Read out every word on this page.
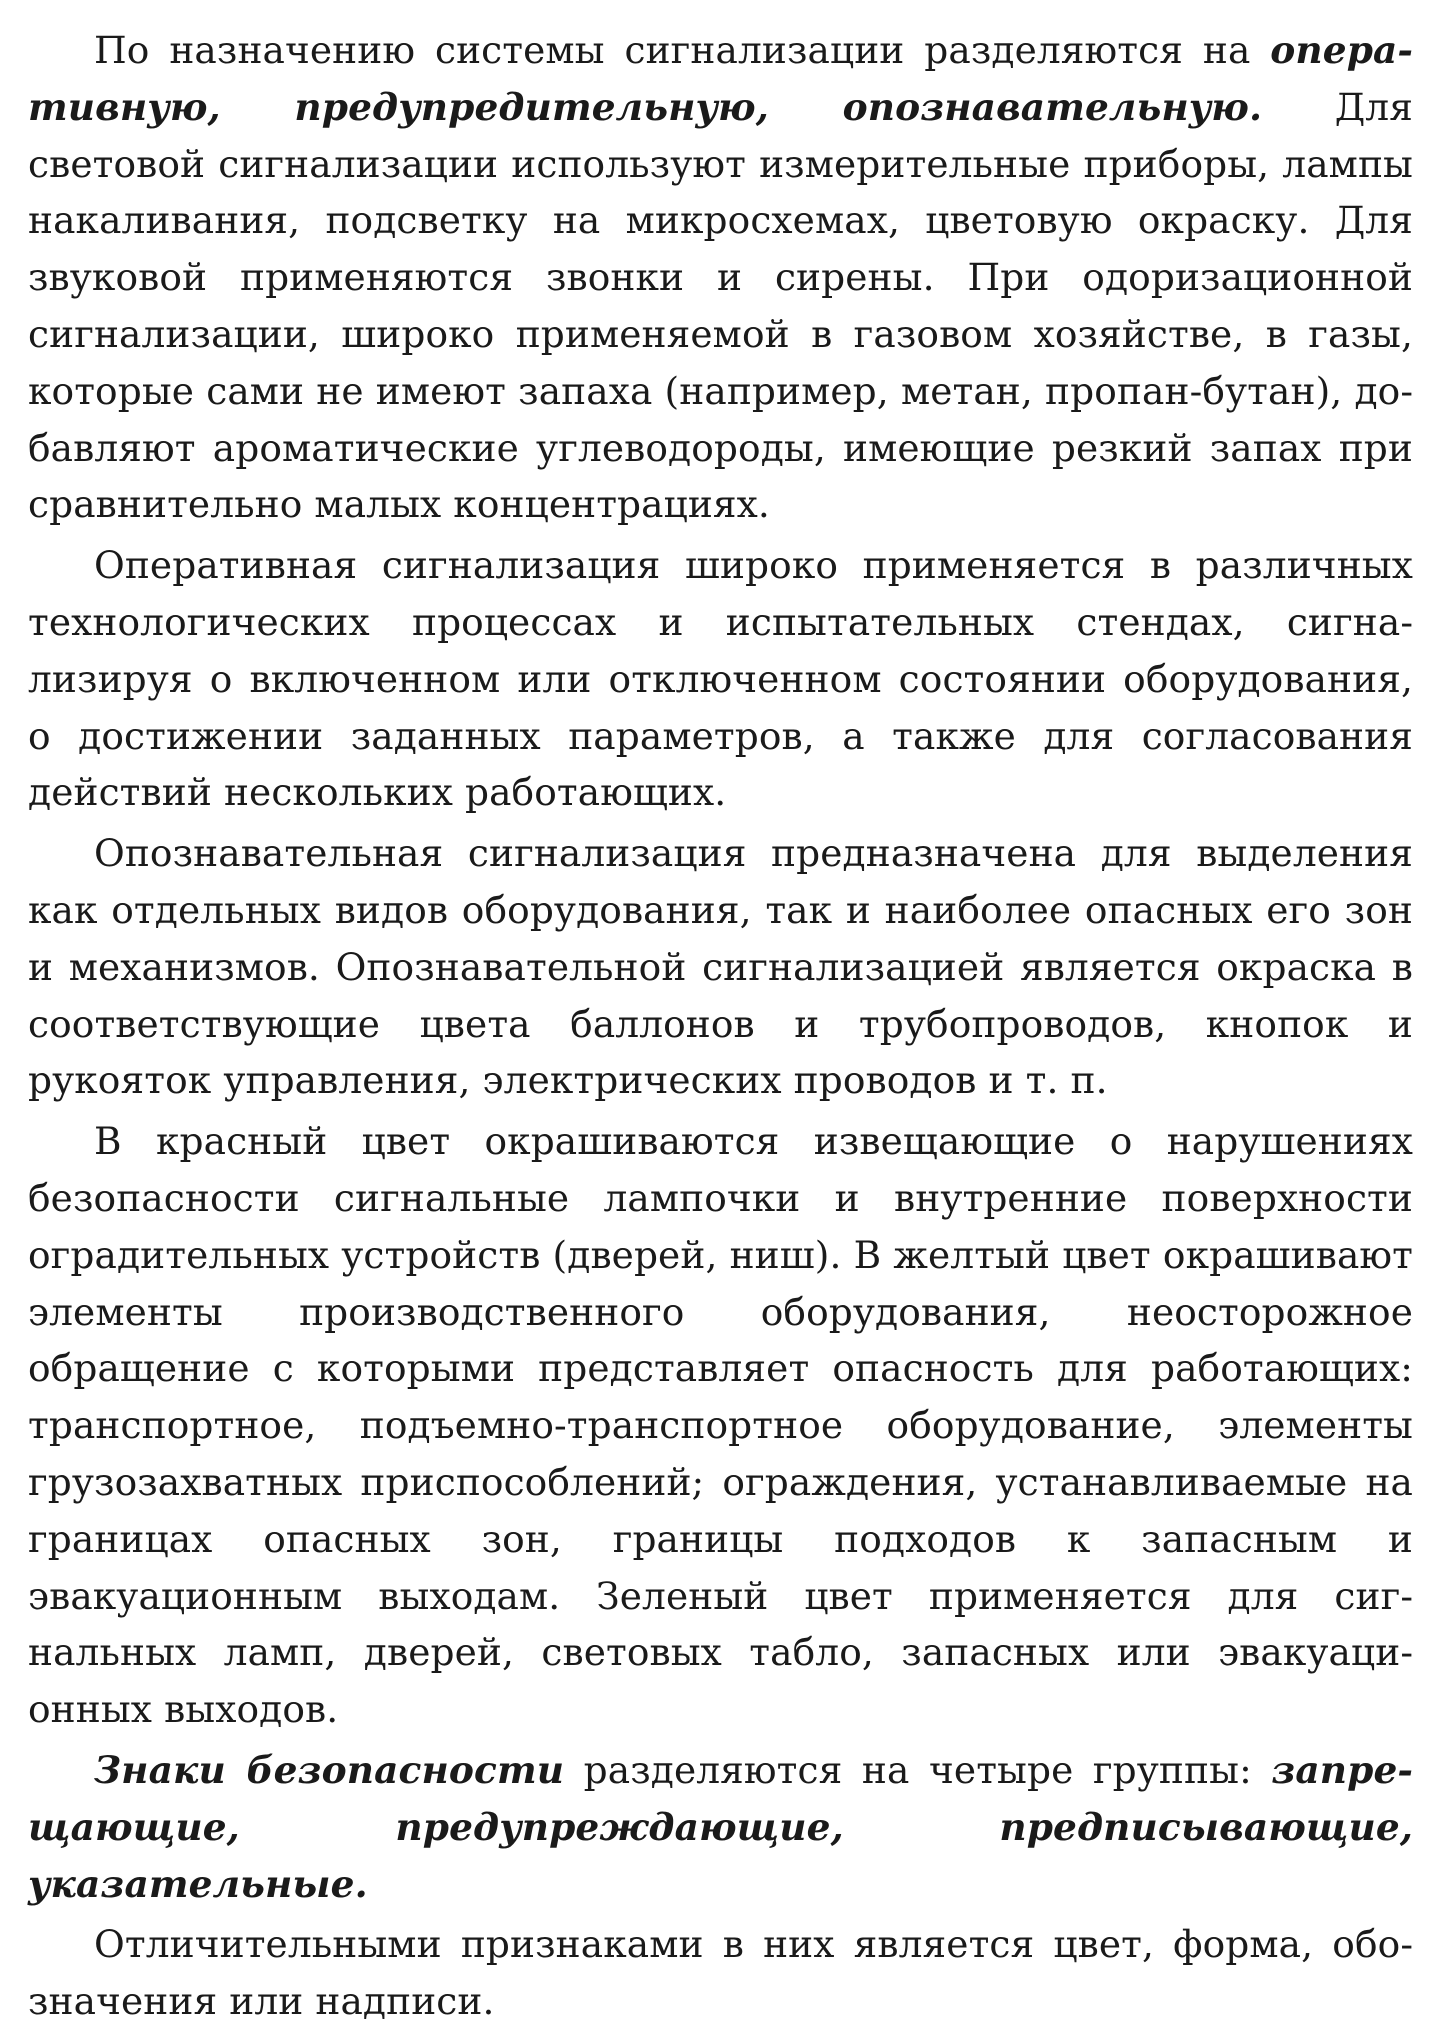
По назначению системы сигнализации разделяются на оперативную, предупредительную, опознавательную. Для световой сигнализации используют измерительные приборы, лампы накаливания, подсветку на микросхемах, цветовую окраску. Для звуковой применяются звонки и сирены. При одоризационной сигнализации, широко применяемой в газовом хозяйстве, в газы, которые сами не имеют запаха (например, метан, пропан-бутан), добавляют ароматические углеводороды, имеющие резкий запах при сравнительно малых концентрациях.

Оперативная сигнализация широко применяется в различных технологических процессах и испытательных стендах, сигнализируя о включенном или отключенном состоянии оборудования, о достижении заданных параметров, а также для согласования действий нескольких работающих.

Опознавательная сигнализация предназначена для выделения как отдельных видов оборудования, так и наиболее опасных его зон и механизмов. Опознавательной сигнализацией является окраска в соответствующие цвета баллонов и трубопроводов, кнопок и рукояток управления, электрических проводов и т. п.

В красный цвет окрашиваются извещающие о нарушениях безопасности сигнальные лампочки и внутренние поверхности оградительных устройств (дверей, ниш). В желтый цвет окрашивают элементы производственного оборудования, неосторожное обращение с которыми представляет опасность для работающих: транспортное, подъемно-транспортное оборудование, элементы грузозахватных приспособлений; ограждения, устанавливаемые на границах опасных зон, границы подходов к запасным и эвакуационным выходам. Зеленый цвет применяется для сигнальных ламп, дверей, световых табло, запасных или эвакуационных выходов.

Знаки безопасности разделяются на четыре группы: запрещающие, предупреждающие, предписывающие, указательные.

Отличительными признаками в них является цвет, форма, обозначения или надписи.
